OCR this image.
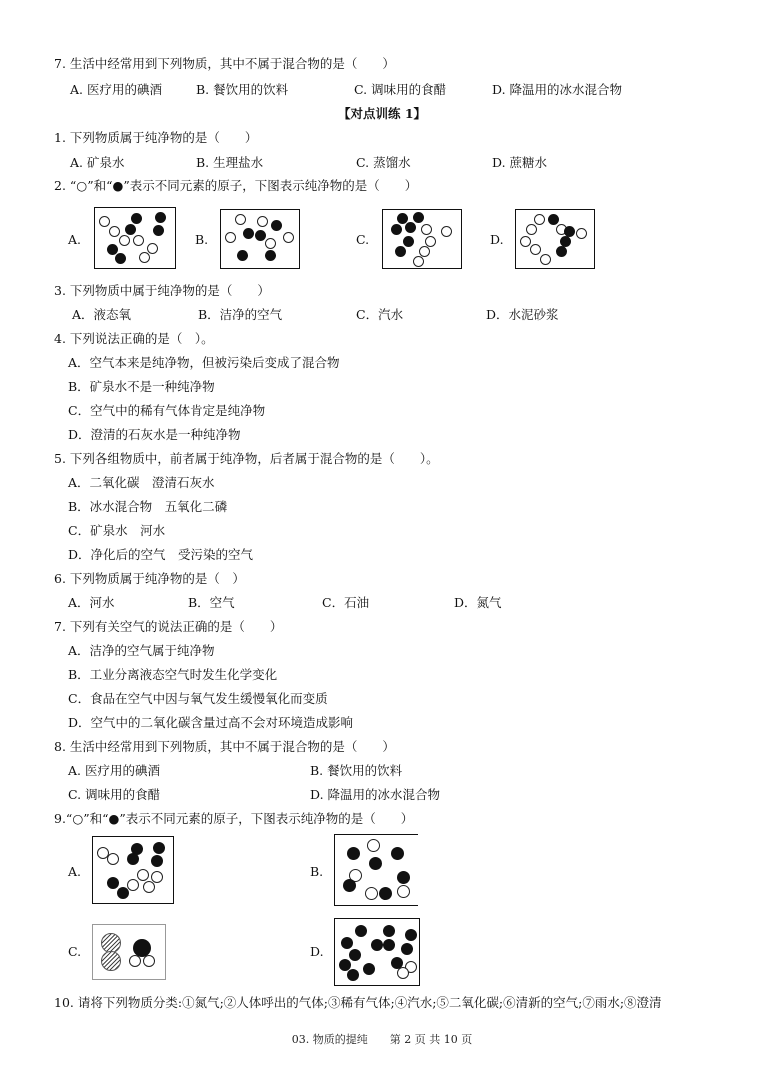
7. 生活中经常用到下列物质，其中不属于混合物的是（　　）
A. 医疗用的碘酒	B. 餐饮用的饮料	C. 调味用的食醋	D. 降温用的冰水混合物
【对点训练 1】
1. 下列物质属于纯净物的是（　　）
A. 矿泉水	B. 生理盐水	C. 蒸馏水	D. 蔗糖水
2. “○”和“●”表示不同元素的原子，下图表示纯净物的是（　　）
A.	B.	C.	D.
3. 下列物质中属于纯净物的是（　　）
A．液态氧	B．洁净的空气	C．汽水	D．水泥砂浆
4. 下列说法正确的是（　）。
A．空气本来是纯净物，但被污染后变成了混合物
B．矿泉水不是一种纯净物
C．空气中的稀有气体肯定是纯净物
D．澄清的石灰水是一种纯净物
5. 下列各组物质中，前者属于纯净物，后者属于混合物的是（　　）。
A．二氧化碳　澄清石灰水
B．冰水混合物　五氧化二磷
C．矿泉水　河水
D．净化后的空气　受污染的空气
6. 下列物质属于纯净物的是（　）
A．河水	B．空气	C．石油	D．氮气
7. 下列有关空气的说法正确的是（　　）
A．洁净的空气属于纯净物
B．工业分离液态空气时发生化学变化
C．食品在空气中因与氧气发生缓慢氧化而变质
D．空气中的二氧化碳含量过高不会对环境造成影响
8. 生活中经常用到下列物质，其中不属于混合物的是（　　）
A. 医疗用的碘酒	B. 餐饮用的饮料
C. 调味用的食醋	D. 降温用的冰水混合物
9.“○”和“●”表示不同元素的原子，下图表示纯净物的是（　　）
A.	B.
C.	D.
10. 请将下列物质分类:①氮气;②人体呼出的气体;③稀有气体;④汽水;⑤二氧化碳;⑥清新的空气;⑦雨水;⑧澄清
03. 物质的提纯　　第 2 页 共 10 页
